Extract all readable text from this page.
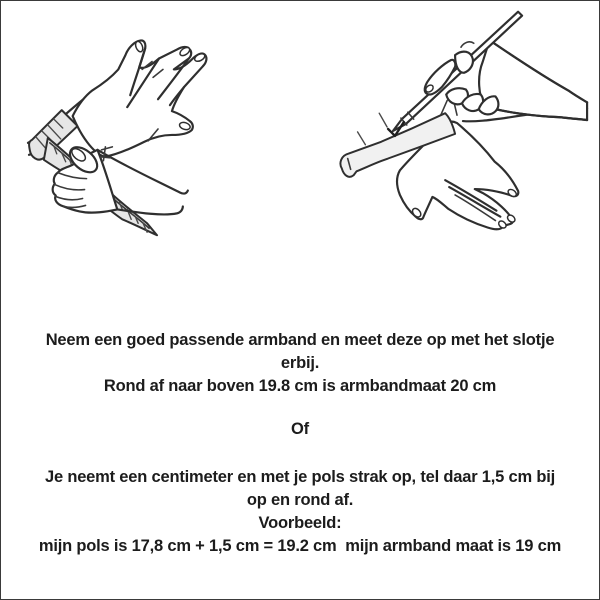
Neem een goed passende armband en meet deze op met het slotje
erbij.
Rond af naar boven 19.8 cm is armbandmaat 20 cm
Of
Je neemt een centimeter en met je pols strak op, tel daar 1,5 cm bij
op en rond af.
Voorbeeld:
mijn pols is 17,8 cm + 1,5 cm = 19.2 cm  mijn armband maat is 19 cm
